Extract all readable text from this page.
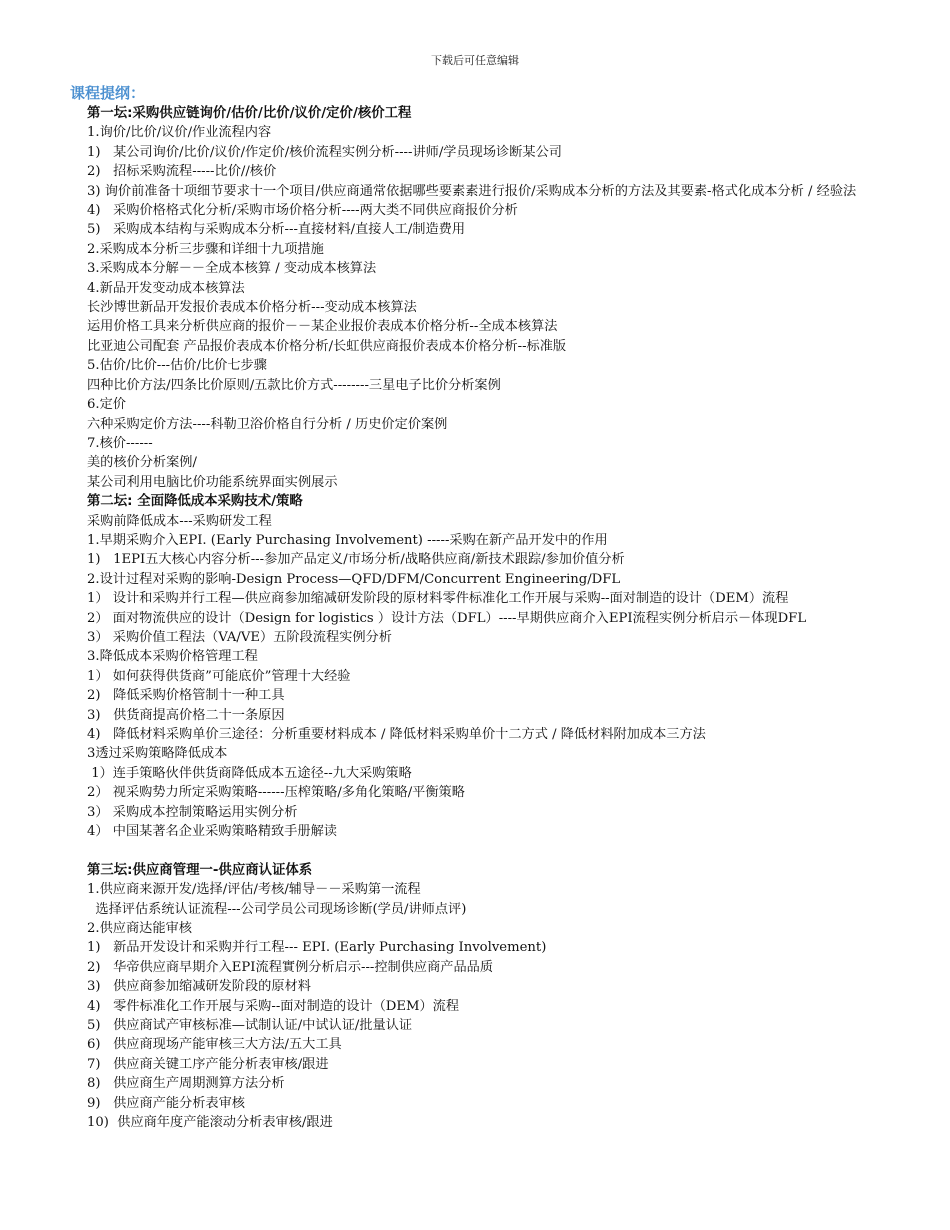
下载后可任意编辑
课程提纲：
第一坛:采购供应链询价/估价/比价/议价/定价/核价工程
1.询价/比价/议价/作业流程内容
1)   某公司询价/比价/议价/作定价/核价流程实例分析----讲师/学员现场诊断某公司
2)   招标采购流程-----比价//核价
3) 询价前准备十项细节要求十一个项目/供应商通常依据哪些要素素进行报价/采购成本分析的方法及其要素-格式化成本分析 / 经验法
4)   采购价格格式化分析/采购市场价格分析----两大类不同供应商报价分析
5)   采购成本结构与采购成本分析---直接材料/直接人工/制造费用
2.采购成本分析三步骤和详细十九项措施
3.采购成本分解－－全成本核算 / 变动成本核算法
4.新品开发变动成本核算法
长沙博世新品开发报价表成本价格分析---变动成本核算法
运用价格工具来分析供应商的报价－－某企业报价表成本价格分析--全成本核算法
比亚迪公司配套 产品报价表成本价格分析/长虹供应商报价表成本价格分析--标准版
5.估价/比价---估价/比价七步骤
四种比价方法/四条比价原则/五款比价方式--------三星电子比价分析案例
6.定价
六种采购定价方法----科勒卫浴价格自行分析 / 历史价定价案例
7.核价------
美的核价分析案例/
某公司利用电脑比价功能系统界面实例展示
第二坛: 全面降低成本采购技术/策略
采购前降低成本---采购研发工程
1.早期采购介入EPI. (Early Purchasing Involvement) -----采购在新产品开发中的作用
1)   1EPI五大核心内容分析---参加产品定义/市场分析/战略供应商/新技术跟踪/参加价值分析
2.设计过程对采购的影响-Design Process—QFD/DFM/Concurrent Engineering/DFL
1） 设计和采购并行工程—供应商参加缩减研发阶段的原材料零件标准化工作开展与采购--面对制造的设计（DEM）流程
2） 面对物流供应的设计（Design for logistics ）设计方法（DFL）----早期供应商介入EPI流程实例分析启示－体现DFL
3） 采购价值工程法（VA/VE）五阶段流程实例分析
3.降低成本采购价格管理工程
1） 如何获得供货商”可能底价”管理十大经验
2)   降低采购价格管制十一种工具
3)   供货商提高价格二十一条原因
4)   降低材料采购单价三途径：分析重要材料成本 / 降低材料采购单价十二方式 / 降低材料附加成本三方法
3透过采购策略降低成本
1）连手策略伙伴供货商降低成本五途径--九大采购策略
2） 视采购势力所定采购策略------压榨策略/多角化策略/平衡策略
3） 采购成本控制策略运用实例分析
4） 中国某著名企业采购策略精致手册解读
第三坛:供应商管理一-供应商认证体系
1.供应商来源开发/选择/评估/考核/辅导－－采购第一流程
选择评估系统认证流程---公司学员公司现场诊断(学员/讲师点评)
2.供应商达能审核
1)   新品开发设计和采购并行工程--- EPI. (Early Purchasing Involvement)
2)   华帝供应商早期介入EPI流程實例分析启示---控制供应商产品品质
3)   供应商参加缩减研发阶段的原材料
4)   零件标准化工作开展与采购--面对制造的设计（DEM）流程
5)   供应商试产审核标准—试制认证/中试认证/批量认证
6)   供应商现场产能审核三大方法/五大工具
7)   供应商关键工序产能分析表审核/跟进
8)   供应商生产周期测算方法分析
9)   供应商产能分析表审核
10)  供应商年度产能滚动分析表审核/跟进
